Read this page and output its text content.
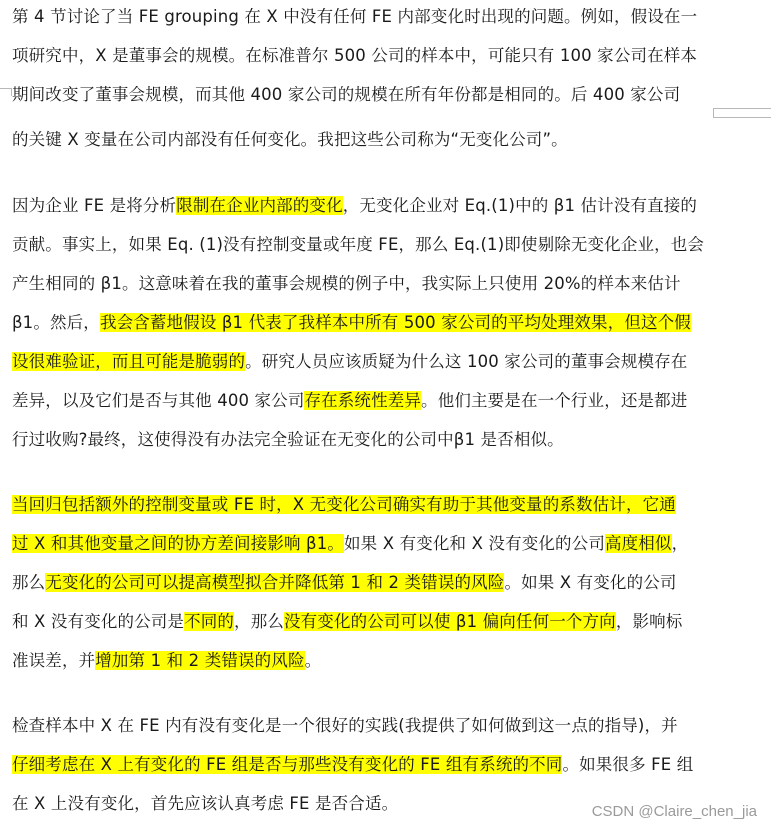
第 4 节讨论了当 FE grouping 在 X 中没有任何 FE 内部变化时出现的问题。例如，假设在一
项研究中，X 是董事会的规模。在标准普尔 500 公司的样本中，可能只有 100 家公司在样本
期间改变了董事会规模，而其他 400 家公司的规模在所有年份都是相同的。后 400 家公司
的关键 X 变量在公司内部没有任何变化。我把这些公司称为“无变化公司”。
因为企业 FE 是将分析限制在企业内部的变化，无变化企业对 Eq.(1)中的 β1 估计没有直接的
贡献。事实上，如果 Eq. (1)没有控制变量或年度 FE，那么 Eq.(1)即使剔除无变化企业，也会
产生相同的 β1。这意味着在我的董事会规模的例子中，我实际上只使用 20%的样本来估计
β1。然后，我会含蓄地假设 β1 代表了我样本中所有 500 家公司的平均处理效果，但这个假
设很难验证，而且可能是脆弱的。研究人员应该质疑为什么这 100 家公司的董事会规模存在
差异，以及它们是否与其他 400 家公司存在系统性差异。他们主要是在一个行业，还是都进
行过收购?最终，这使得没有办法完全验证在无变化的公司中β1 是否相似。
当回归包括额外的控制变量或 FE 时，X 无变化公司确实有助于其他变量的系数估计，它通
过 X 和其他变量之间的协方差间接影响 β1。如果 X 有变化和 X 没有变化的公司高度相似，
那么无变化的公司可以提高模型拟合并降低第 1 和 2 类错误的风险。如果 X 有变化的公司
和 X 没有变化的公司是不同的，那么没有变化的公司可以使 β1 偏向任何一个方向，影响标
准误差，并增加第 1 和 2 类错误的风险。
检查样本中 X 在 FE 内有没有变化是一个很好的实践(我提供了如何做到这一点的指导)，并
仔细考虑在 X 上有变化的 FE 组是否与那些没有变化的 FE 组有系统的不同。如果很多 FE 组
在 X 上没有变化，首先应该认真考虑 FE 是否合适。	CSDN @Claire_chen_jia
